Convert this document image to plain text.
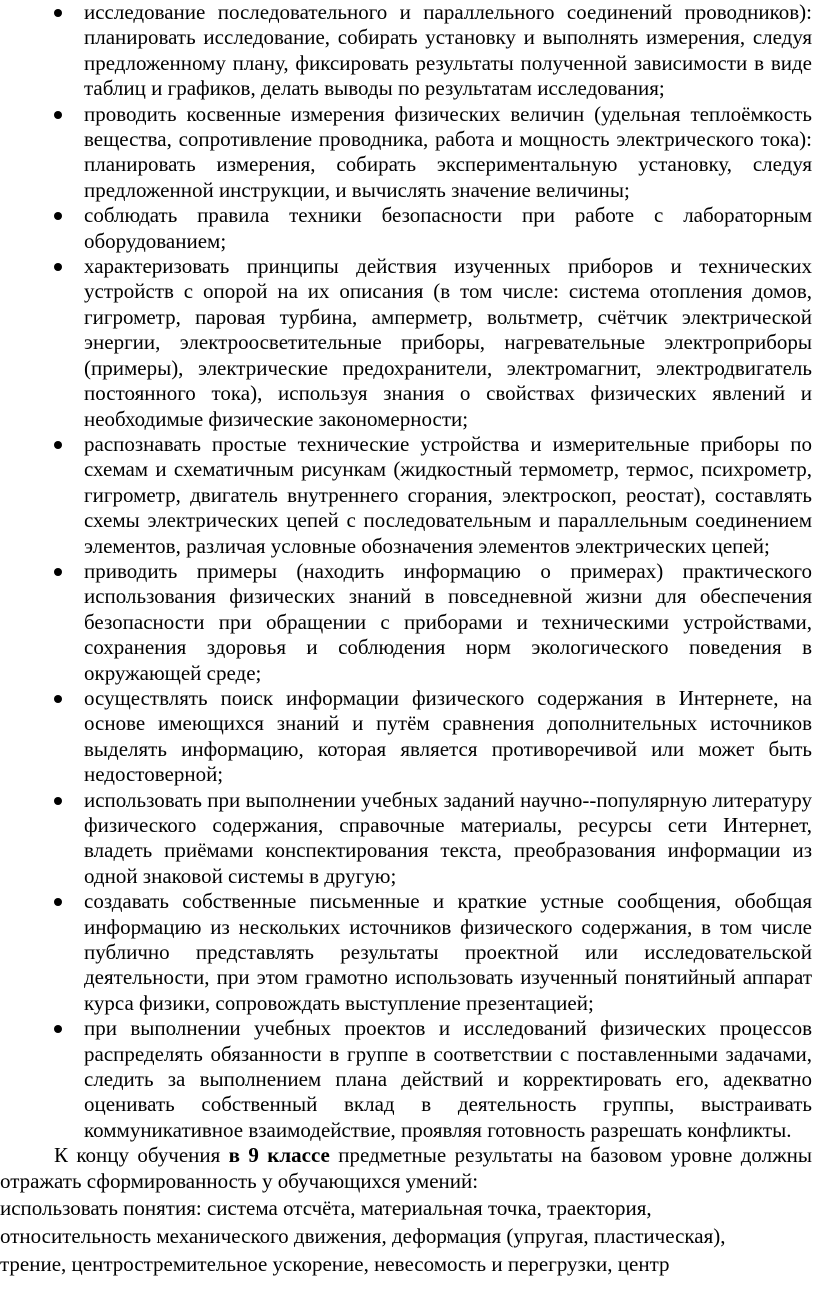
исследование последовательного и параллельного соединений проводников): планировать исследование, собирать установку и выполнять измерения, следуя предложенному плану, фиксировать результаты полученной зависимости в виде таблиц и графиков, делать выводы по результатам исследования;
проводить косвенные измерения физических величин (удельная теплоёмкость вещества, сопротивление проводника, работа и мощность электрического тока): планировать измерения, собирать экспериментальную установку, следуя предложенной инструкции, и вычислять значение величины;
соблюдать правила техники безопасности при работе с лабораторным оборудованием;
характеризовать принципы действия изученных приборов и технических устройств с опорой на их описания (в том числе: система отопления домов, гигрометр, паровая турбина, амперметр, вольтметр, счётчик электрической энергии, электроосветительные приборы, нагревательные электроприборы (примеры), электрические предохранители, электромагнит, электродвигатель постоянного тока), используя знания о свойствах физических явлений и необходимые физические закономерности;
распознавать простые технические устройства и измерительные приборы по схемам и схематичным рисункам (жидкостный термометр, термос, психрометр, гигрометр, двигатель внутреннего сгорания, электроскоп, реостат), составлять схемы электрических цепей с последовательным и параллельным соединением элементов, различая условные обозначения элементов электрических цепей;
приводить примеры (находить информацию о примерах) практического использования физических знаний в повседневной жизни для обеспечения безопасности при обращении с приборами и техническими устройствами, сохранения здоровья и соблюдения норм экологического поведения в окружающей среде;
осуществлять поиск информации физического содержания в Интернете, на основе имеющихся знаний и путём сравнения дополнительных источников выделять информацию, которая является противоречивой или может быть недостоверной;
использовать при выполнении учебных заданий научно--популярную литературу физического содержания, справочные материалы, ресурсы сети Интернет, владеть приёмами конспектирования текста, преобразования информации из одной знаковой системы в другую;
создавать собственные письменные и краткие устные сообщения, обобщая информацию из нескольких источников физического содержания, в том числе публично представлять результаты проектной или исследовательской деятельности, при этом грамотно использовать изученный понятийный аппарат курса физики, сопровождать выступление презентацией;
при выполнении учебных проектов и исследований физических процессов распределять обязанности в группе в соответствии с поставленными задачами, следить за выполнением плана действий и корректировать его, адекватно оценивать собственный вклад в деятельность группы, выстраивать коммуникативное взаимодействие, проявляя готовность разрешать конфликты.

К концу обучения в 9 классе предметные результаты на базовом уровне должны отражать сформированность у обучающихся умений:

использовать понятия: система отсчёта, материальная точка, траектория,

относительность механического движения, деформация (упругая, пластическая),

трение, центростремительное ускорение, невесомость и перегрузки, центр
